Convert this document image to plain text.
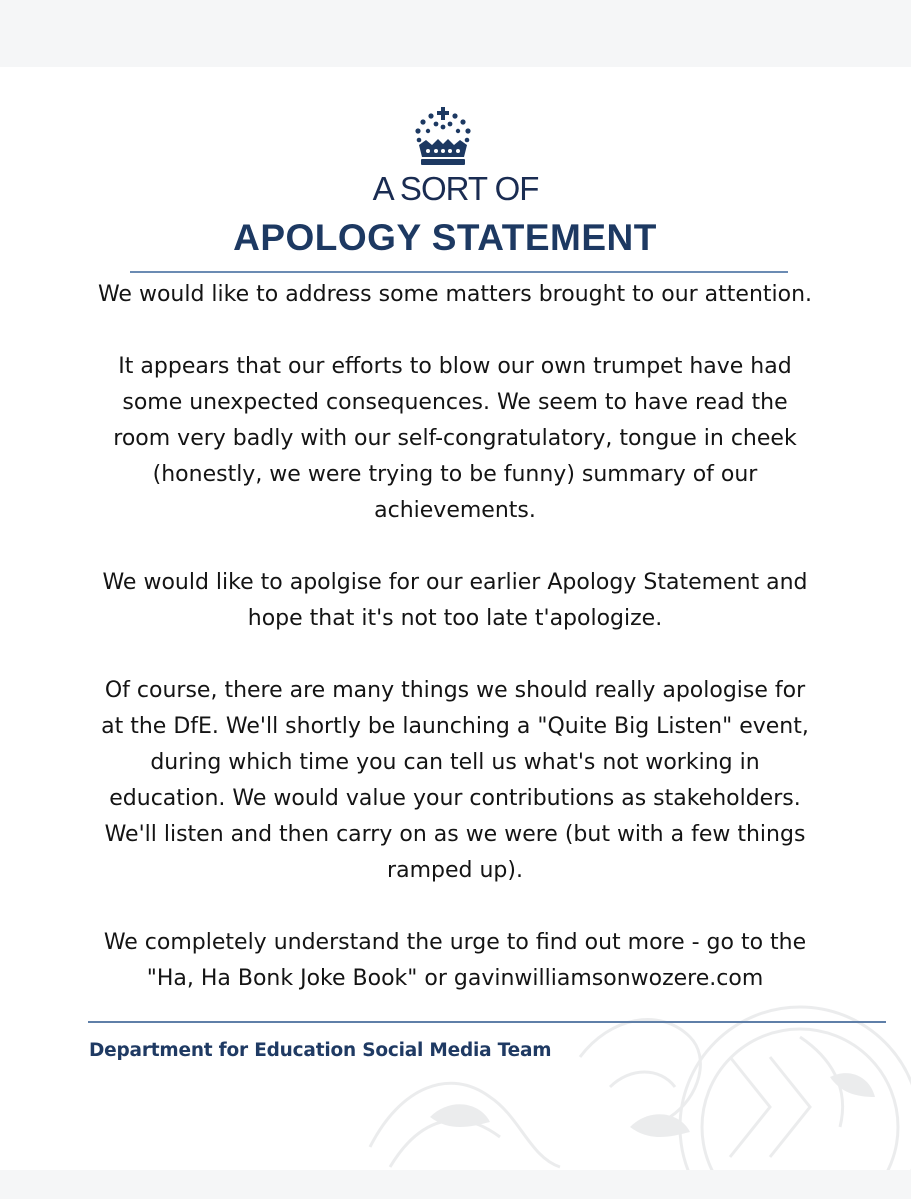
A SORT OF
APOLOGY STATEMENT

We would like to address some matters brought to our attention.

It appears that our efforts to blow our own trumpet have had some unexpected consequences. We seem to have read the room very badly with our self-congratulatory, tongue in cheek (honestly, we were trying to be funny) summary of our achievements.

We would like to apolgise for our earlier Apology Statement and hope that it's not too late t'apologize.

Of course, there are many things we should really apologise for at the DfE. We'll shortly be launching a "Quite Big Listen" event, during which time you can tell us what's not working in education. We would value your contributions as stakeholders. We'll listen and then carry on as we were (but with a few things ramped up).

We completely understand the urge to find out more - go to the "Ha, Ha Bonk Joke Book" or gavinwilliamsonwozere.com

Department for Education Social Media Team
